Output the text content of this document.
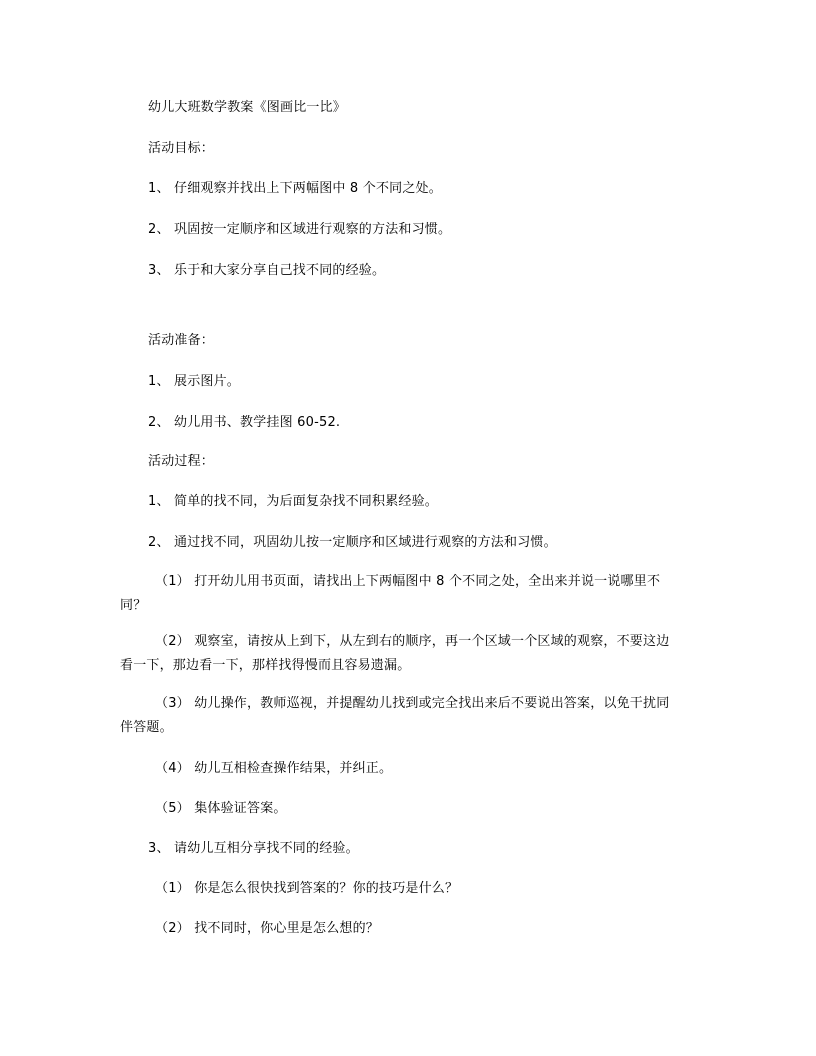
幼儿大班数学教案《图画比一比》
活动目标：
1、 仔细观察并找出上下两幅图中 8 个不同之处。
2、 巩固按一定顺序和区域进行观察的方法和习惯。
3、 乐于和大家分享自己找不同的经验。
活动准备：
1、 展示图片。
2、 幼儿用书、教学挂图 60-52.
活动过程：
1、 简单的找不同，为后面复杂找不同积累经验。
2、 通过找不同，巩固幼儿按一定顺序和区域进行观察的方法和习惯。
（1） 打开幼儿用书页面，请找出上下两幅图中 8 个不同之处，全出来并说一说哪里不同？
（2） 观察室，请按从上到下，从左到右的顺序，再一个区域一个区域的观察，不要这边看一下，那边看一下，那样找得慢而且容易遗漏。
（3） 幼儿操作，教师巡视，并提醒幼儿找到或完全找出来后不要说出答案，以免干扰同伴答题。
（4） 幼儿互相检查操作结果，并纠正。
（5） 集体验证答案。
3、 请幼儿互相分享找不同的经验。
（1） 你是怎么很快找到答案的？你的技巧是什么？
（2） 找不同时，你心里是怎么想的？
